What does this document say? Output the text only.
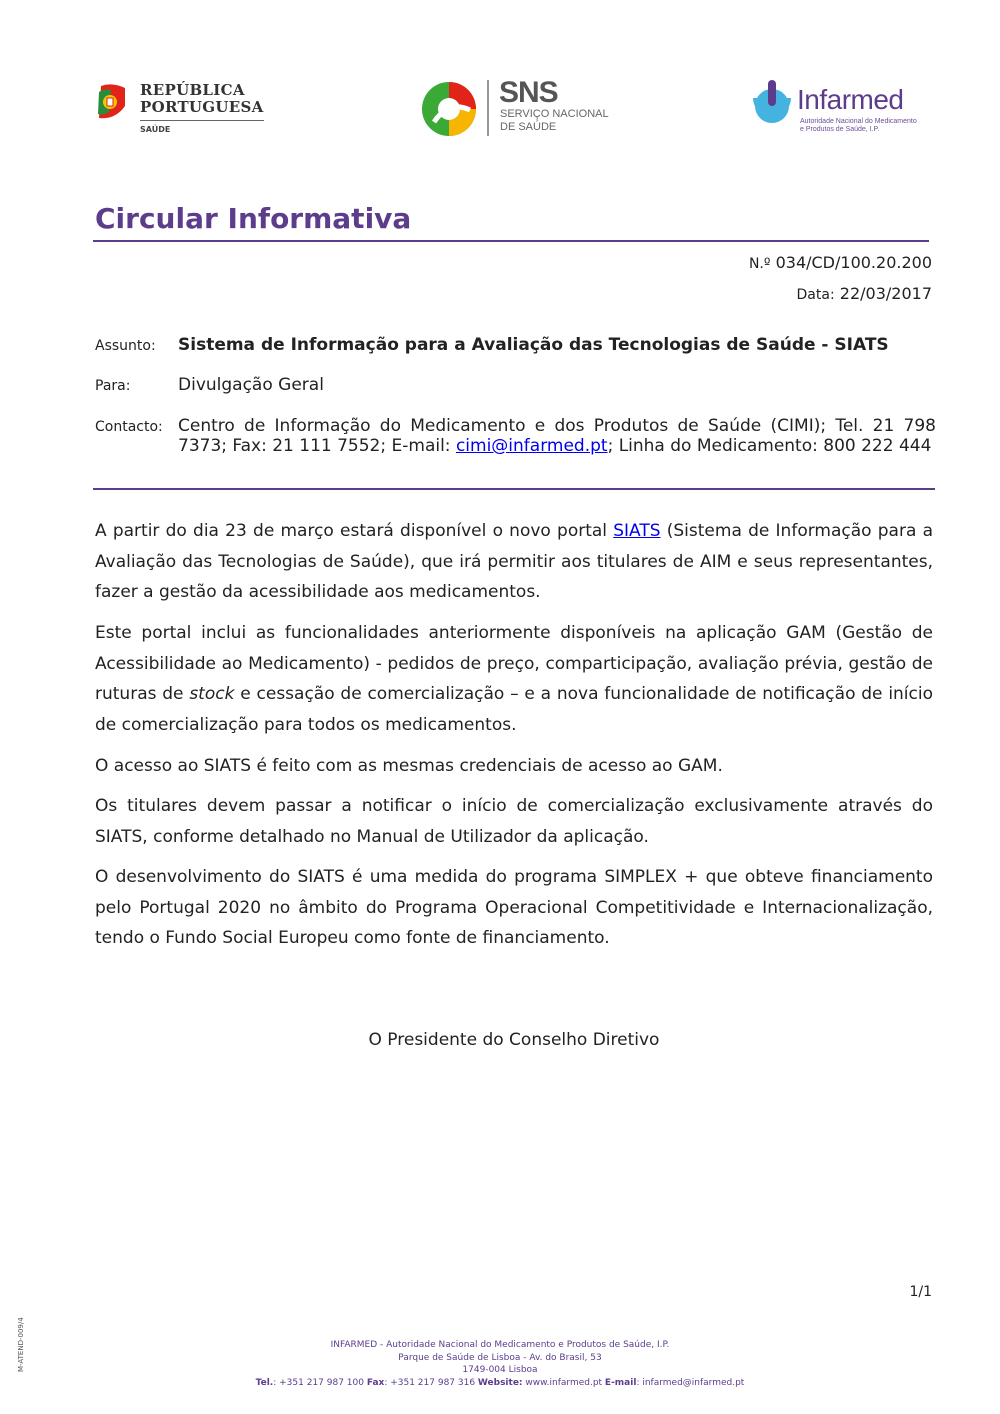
REPÚBLICA
PORTUGUESA
SAÚDE
SNS
SERVIÇO NACIONAL
DE SAÚDE
Infarmed
Autoridade Nacional do Medicamento
e Produtos de Saúde, I.P.
Circular Informativa
N.º 034/CD/100.20.200
Data: 22/03/2017
Assunto: Sistema de Informação para a Avaliação das Tecnologias de Saúde - SIATS
Para:	Divulgação Geral
Contacto: Centro de Informação do Medicamento e dos Produtos de Saúde (CIMI); Tel. 21 798 7373; Fax: 21 111 7552; E-mail: cimi@infarmed.pt; Linha do Medicamento: 800 222 444
A partir do dia 23 de março estará disponível o novo portal SIATS (Sistema de Informação para a Avaliação das Tecnologias de Saúde), que irá permitir aos titulares de AIM e seus representantes, fazer a gestão da acessibilidade aos medicamentos.
Este portal inclui as funcionalidades anteriormente disponíveis na aplicação GAM (Gestão de Acessibilidade ao Medicamento) - pedidos de preço, comparticipação, avaliação prévia, gestão de ruturas de stock e cessação de comercialização – e a nova funcionalidade de notificação de início de comercialização para todos os medicamentos.
O acesso ao SIATS é feito com as mesmas credenciais de acesso ao GAM.
Os titulares devem passar a notificar o início de comercialização exclusivamente através do SIATS, conforme detalhado no Manual de Utilizador da aplicação.
O desenvolvimento do SIATS é uma medida do programa SIMPLEX + que obteve financiamento pelo Portugal 2020 no âmbito do Programa Operacional Competitividade e Internacionalização, tendo o Fundo Social Europeu como fonte de financiamento.
O Presidente do Conselho Diretivo
1/1
M-ATEND-009/4	INFARMED - Autoridade Nacional do Medicamento e Produtos de Saúde, I.P.
Parque de Saúde de Lisboa - Av. do Brasil, 53
1749-004 Lisboa
Tel.: +351 217 987 100 Fax: +351 217 987 316 Website: www.infarmed.pt E-mail: infarmed@infarmed.pt
